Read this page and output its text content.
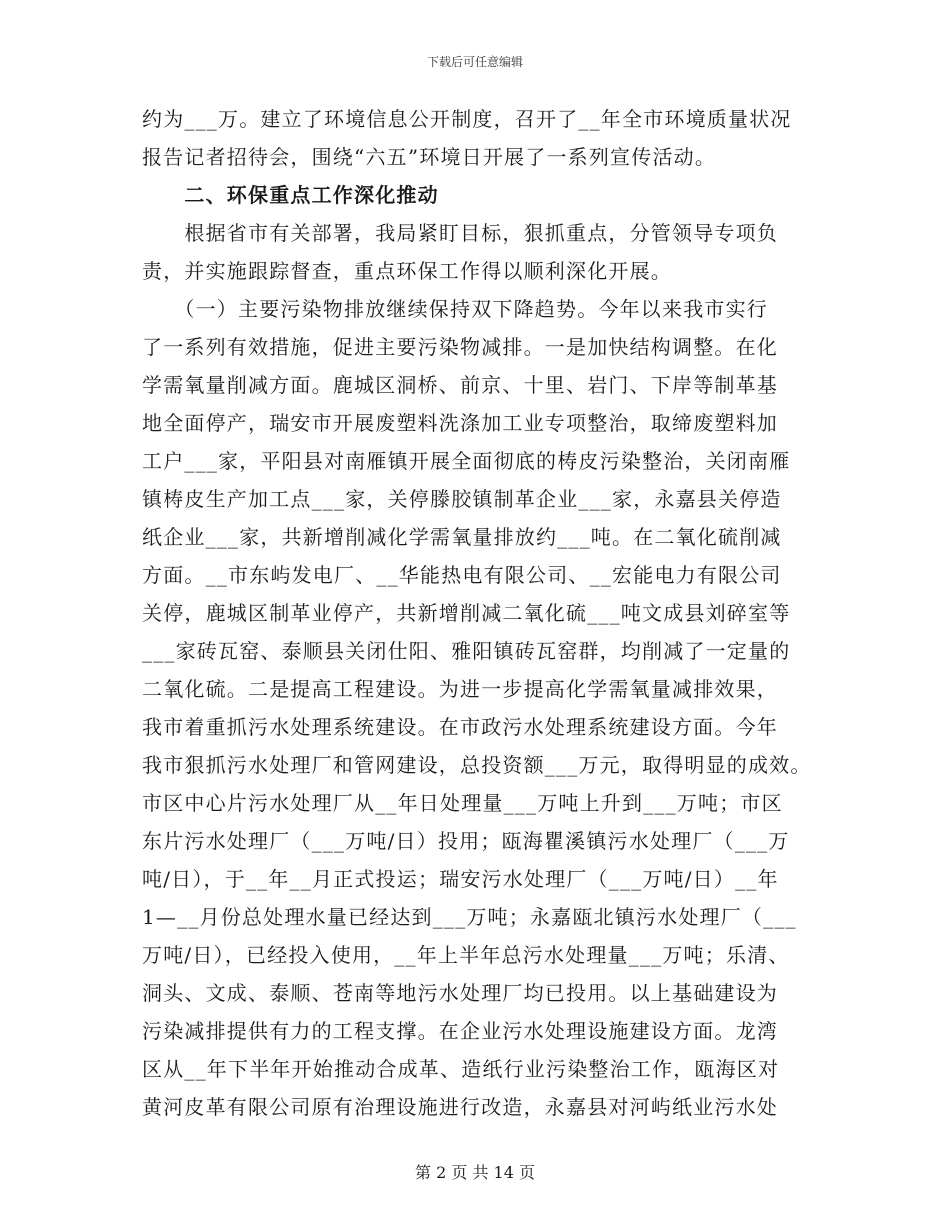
下载后可任意编辑
约为___万。建立了环境信息公开制度，召开了__年全市环境质量状况
报告记者招待会，围绕“六五”环境日开展了一系列宣传活动。
　　二、环保重点工作深化推动
　　根据省市有关部署，我局紧盯目标，狠抓重点，分管领导专项负
责，并实施跟踪督查，重点环保工作得以顺利深化开展。
　　（一）主要污染物排放继续保持双下降趋势。今年以来我市实行
了一系列有效措施，促进主要污染物减排。一是加快结构调整。在化
学需氧量削减方面。鹿城区洞桥、前京、十里、岩门、下岸等制革基
地全面停产，瑞安市开展废塑料洗涤加工业专项整治，取缔废塑料加
工户___家，平阳县对南雁镇开展全面彻底的梼皮污染整治，关闭南雁
镇梼皮生产加工点___家，关停滕胶镇制革企业___家，永嘉县关停造
纸企业___家，共新增削减化学需氧量排放约___吨。在二氧化硫削减
方面。__市东屿发电厂、__华能热电有限公司、__宏能电力有限公司
关停，鹿城区制革业停产，共新增削减二氧化硫___吨文成县刘碎室等
___家砖瓦窑、泰顺县关闭仕阳、雅阳镇砖瓦窑群，均削减了一定量的
二氧化硫。二是提高工程建设。为进一步提高化学需氧量减排效果，
我市着重抓污水处理系统建设。在市政污水处理系统建设方面。今年
我市狠抓污水处理厂和管网建设，总投资额___万元，取得明显的成效。
市区中心片污水处理厂从__年日处理量___万吨上升到___万吨；市区
东片污水处理厂（___万吨/日）投用；瓯海瞿溪镇污水处理厂（___万
吨/日），于__年__月正式投运；瑞安污水处理厂（___万吨/日）__年
1—__月份总处理水量已经达到___万吨；永嘉瓯北镇污水处理厂（___
万吨/日），已经投入使用，__年上半年总污水处理量___万吨；乐清、
洞头、文成、泰顺、苍南等地污水处理厂均已投用。以上基础建设为
污染减排提供有力的工程支撑。在企业污水处理设施建设方面。龙湾
区从__年下半年开始推动合成革、造纸行业污染整治工作，瓯海区对
黄河皮革有限公司原有治理设施进行改造，永嘉县对河屿纸业污水处
第 2 页 共 14 页
